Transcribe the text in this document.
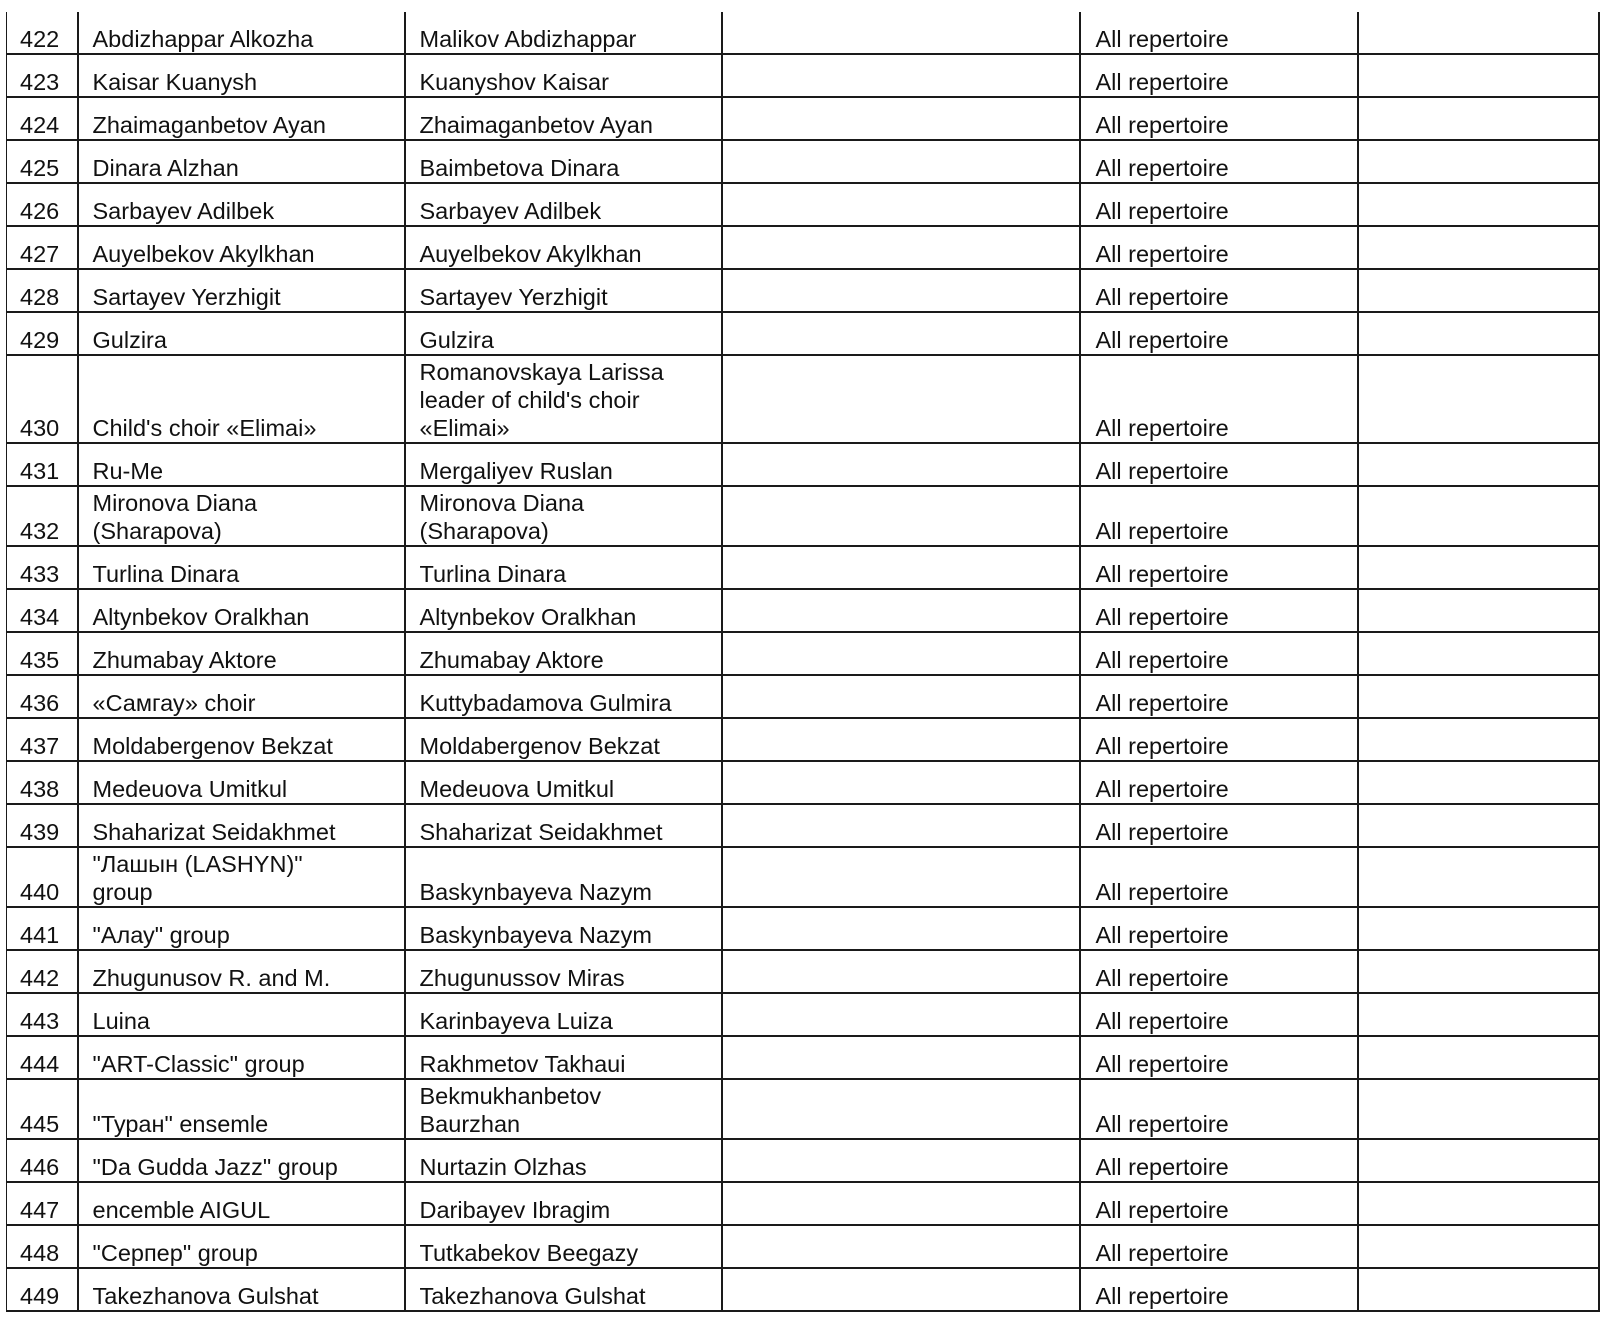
422	Abdizhappar Alkozha	Malikov Abdizhappar		All repertoire	
423	Kaisar Kuanysh	Kuanyshov Kaisar		All repertoire	
424	Zhaimaganbetov Ayan	Zhaimaganbetov Ayan		All repertoire	
425	Dinara Alzhan	Baimbetova Dinara		All repertoire	
426	Sarbayev Adilbek	Sarbayev Adilbek		All repertoire	
427	Auyelbekov Akylkhan	Auyelbekov Akylkhan		All repertoire	
428	Sartayev Yerzhigit	Sartayev Yerzhigit		All repertoire	
429	Gulzira	Gulzira		All repertoire	
430	Child's choir «Elimai»	Romanovskaya Larissa
leader of child's choir
«Elimai»		All repertoire	
431	Ru-Me	Mergaliyev Ruslan		All repertoire	
432	Mironova Diana
(Sharapova)	Mironova Diana
(Sharapova)		All repertoire	
433	Turlina Dinara	Turlina Dinara		All repertoire	
434	Altynbekov Oralkhan	Altynbekov Oralkhan		All repertoire	
435	Zhumabay Aktore	Zhumabay Aktore		All repertoire	
436	«Самгау» choir	Kuttybadamova Gulmira		All repertoire	
437	Moldabergenov Bekzat	Moldabergenov Bekzat		All repertoire	
438	Medeuova Umitkul	Medeuova Umitkul		All repertoire	
439	Shaharizat Seidakhmet	Shaharizat Seidakhmet		All repertoire	
440	"Лашын (LASHYN)"
group	Baskynbayeva Nazym		All repertoire	
441	"Алау" group	Baskynbayeva Nazym		All repertoire	
442	Zhugunusov R. and M.	Zhugunussov Miras		All repertoire	
443	Luina	Karinbayeva Luiza		All repertoire	
444	"ART-Classic" group	Rakhmetov Takhaui		All repertoire	
445	"Туран" ensemle	Bekmukhanbetov
Baurzhan		All repertoire	
446	"Da Gudda Jazz" group	Nurtazin Olzhas		All repertoire	
447	encemble AIGUL	Daribayev Ibragim		All repertoire	
448	"Серпер" group	Tutkabekov Beegazy		All repertoire	
449	Takezhanova Gulshat	Takezhanova Gulshat		All repertoire	
